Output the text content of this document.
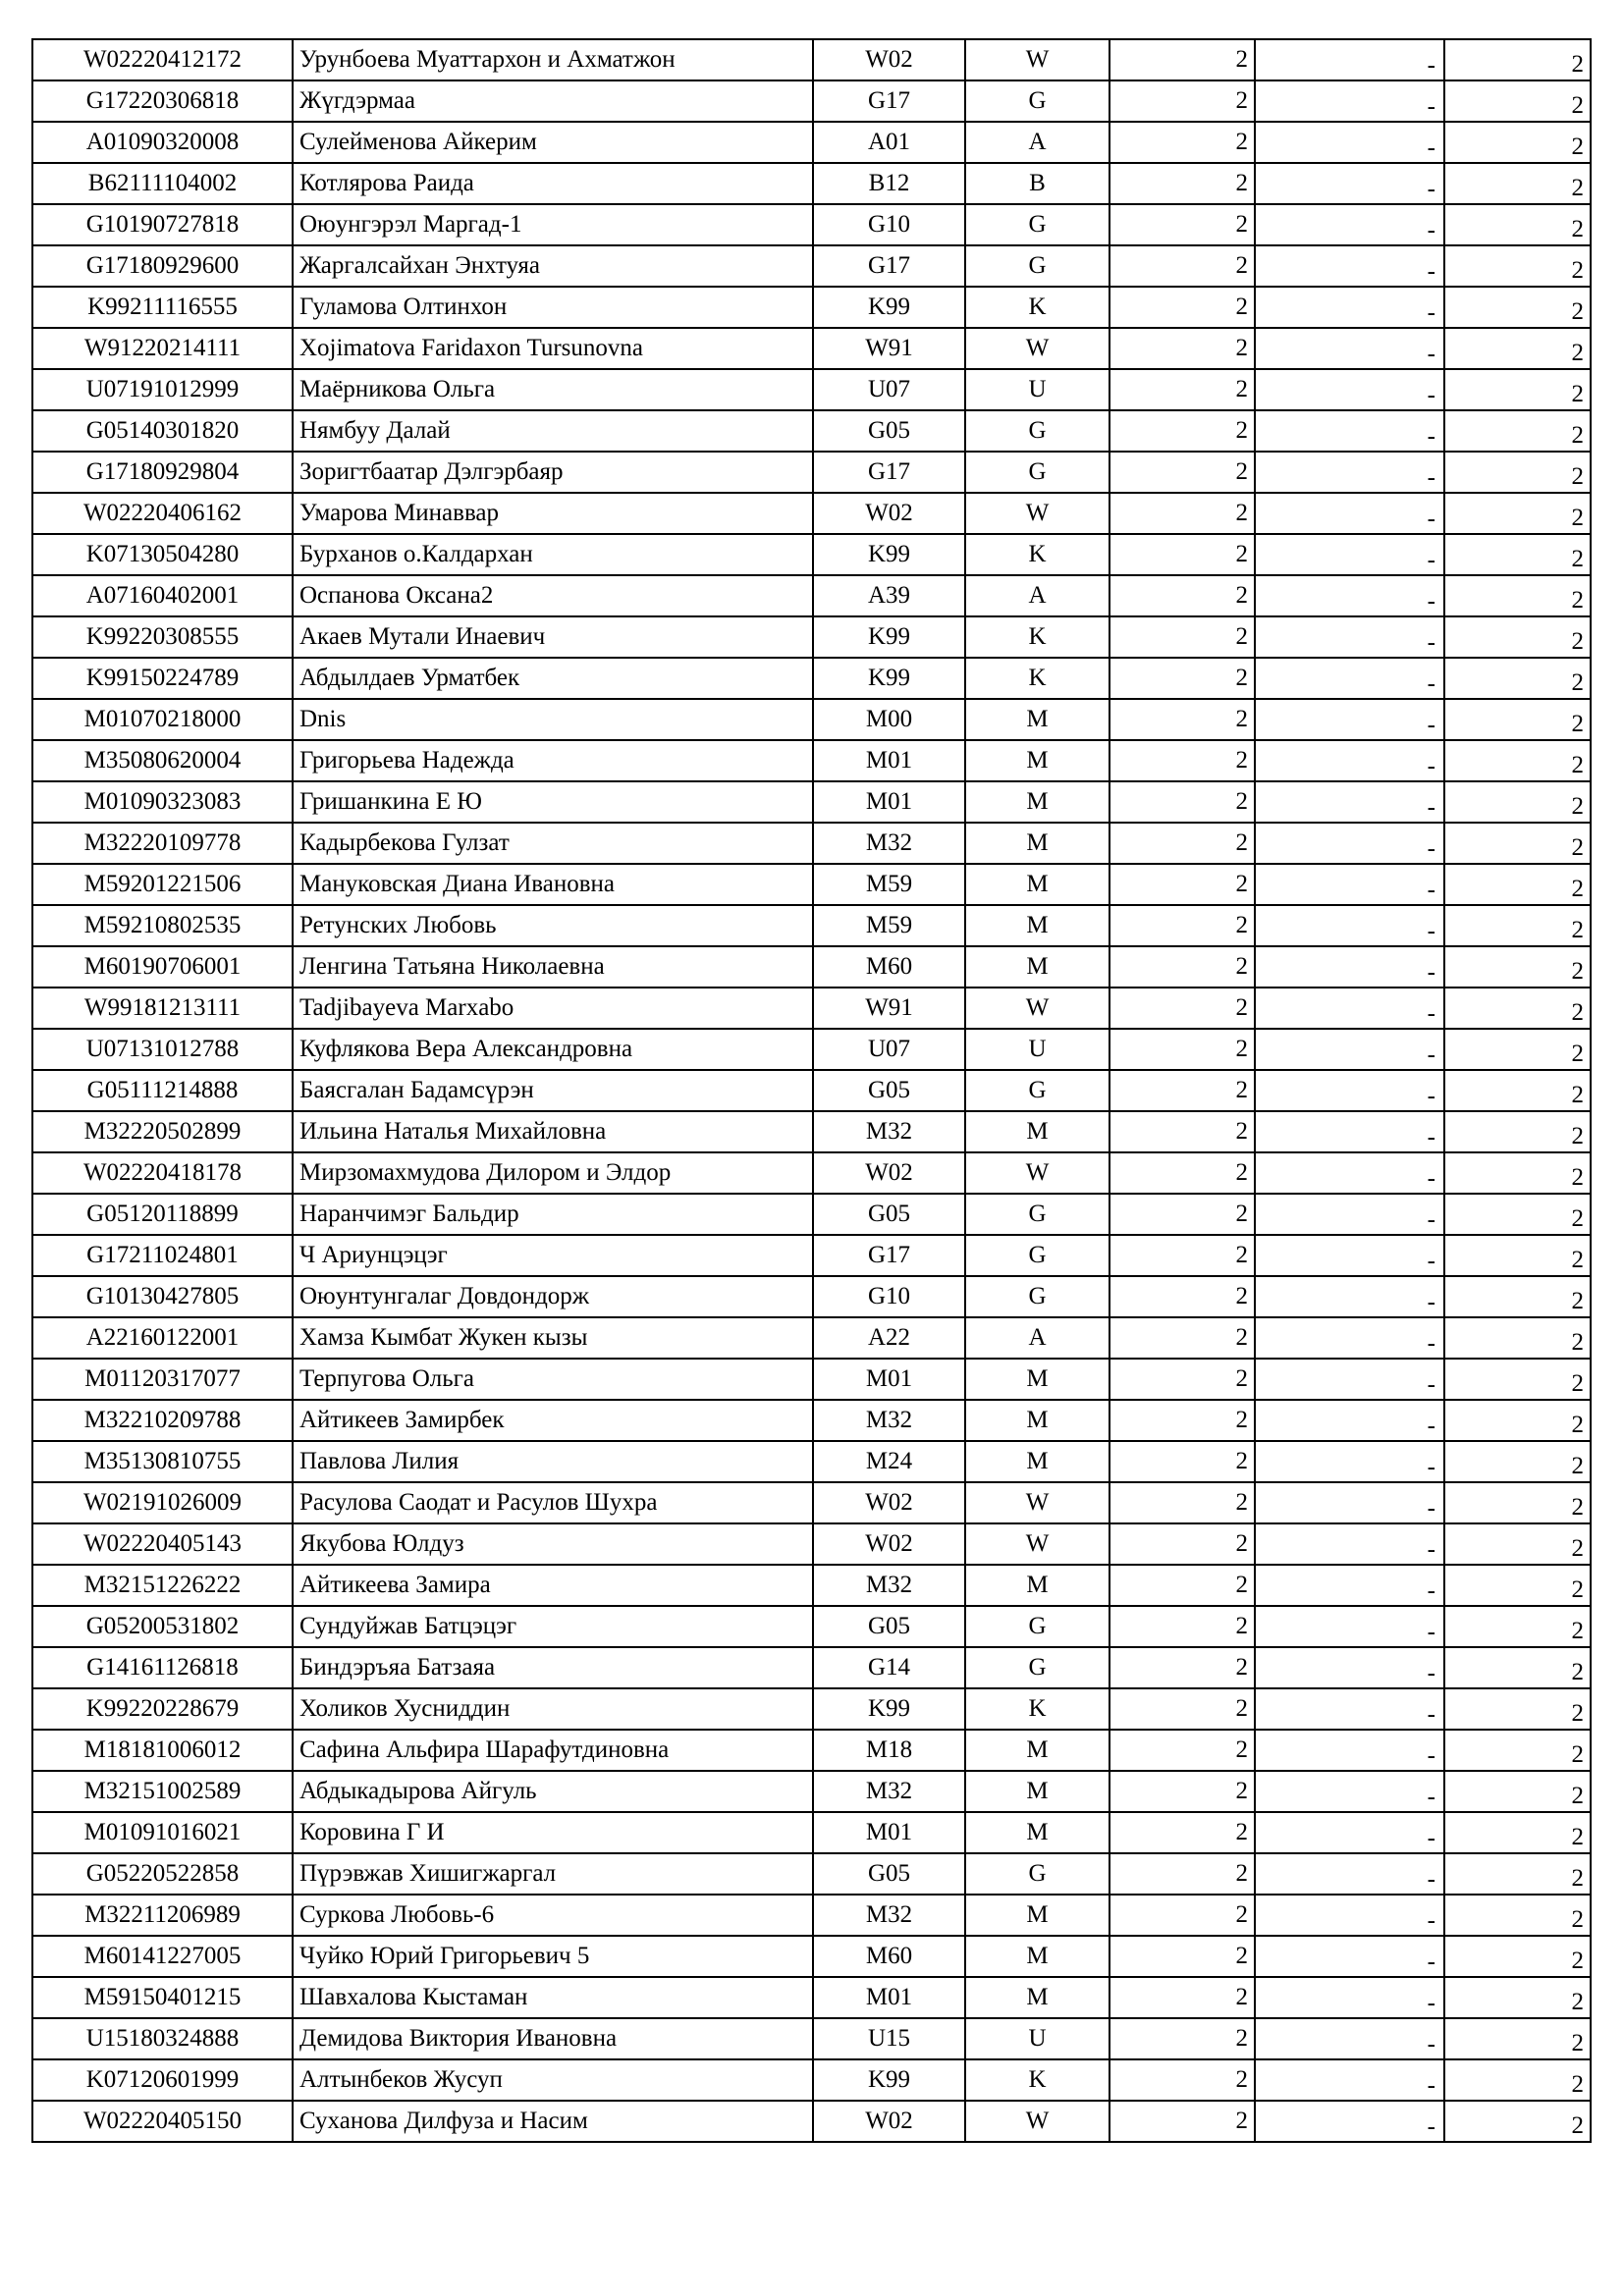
W02220412172	Урунбоева Муаттархон и Ахматжон	W02	W	2	-	2
G17220306818	Жүгдэрмаа	G17	G	2	-	2
A01090320008	Сулейменова Айкерим	A01	A	2	-	2
B62111104002	Котлярова Раида	B12	B	2	-	2
G10190727818	Оюунгэрэл Маргад-1	G10	G	2	-	2
G17180929600	Жаргалсайхан Энхтуяа	G17	G	2	-	2
K99211116555	Гуламова Олтинхон	K99	K	2	-	2
W91220214111	Xojimatova Faridaxon Tursunovna	W91	W	2	-	2
U07191012999	Маёрникова Ольга	U07	U	2	-	2
G05140301820	Нямбуу Далай	G05	G	2	-	2
G17180929804	Зоригтбаатар Дэлгэрбаяр	G17	G	2	-	2
W02220406162	Умарова Минаввар	W02	W	2	-	2
K07130504280	Бурханов о.Калдархан	K99	K	2	-	2
A07160402001	Оспанова Оксана2	A39	A	2	-	2
K99220308555	Акаев Мутали Инаевич	K99	K	2	-	2
K99150224789	Абдылдаев Урматбек	K99	K	2	-	2
M01070218000	Dnis	M00	M	2	-	2
M35080620004	Григорьева Надежда	M01	M	2	-	2
M01090323083	Гришанкина Е Ю	M01	M	2	-	2
M32220109778	Кадырбекова Гулзат	M32	M	2	-	2
M59201221506	Мануковская Диана Ивановна	M59	M	2	-	2
M59210802535	Ретунских Любовь	M59	M	2	-	2
M60190706001	Ленгина Татьяна Николаевна	M60	M	2	-	2
W99181213111	Tadjibayeva Marxabo	W91	W	2	-	2
U07131012788	Куфлякова Вера Александровна	U07	U	2	-	2
G05111214888	Баясгалан Бадамсүрэн	G05	G	2	-	2
M32220502899	Ильина Наталья Михайловна	M32	M	2	-	2
W02220418178	Мирзомахмудова Дилором и Элдор	W02	W	2	-	2
G05120118899	Наранчимэг Бальдир	G05	G	2	-	2
G17211024801	Ч Ариунцэцэг	G17	G	2	-	2
G10130427805	Оюунтунгалаг Довдондорж	G10	G	2	-	2
A22160122001	Хамза Кымбат Жукен кызы	A22	A	2	-	2
M01120317077	Терпугова Ольга	M01	M	2	-	2
M32210209788	Айтикеев Замирбек	M32	M	2	-	2
M35130810755	Павлова Лилия	M24	M	2	-	2
W02191026009	Расулова Саодат и Расулов Шухра	W02	W	2	-	2
W02220405143	Якубова Юлдуз	W02	W	2	-	2
M32151226222	Айтикеева Замира	M32	M	2	-	2
G05200531802	Сундуйжав Батцэцэг	G05	G	2	-	2
G14161126818	Биндэръяа Батзаяа	G14	G	2	-	2
K99220228679	Холиков Хусниддин	K99	K	2	-	2
M18181006012	Сафина Альфира Шарафутдиновна	M18	M	2	-	2
M32151002589	Абдыкадырова Айгуль	M32	M	2	-	2
M01091016021	Коровина Г И	M01	M	2	-	2
G05220522858	Пүрэвжав Хишигжаргал	G05	G	2	-	2
M32211206989	Суркова Любовь-6	M32	M	2	-	2
M60141227005	Чуйко Юрий Григорьевич 5	M60	M	2	-	2
M59150401215	Шавхалова Кыстаман	M01	M	2	-	2
U15180324888	Демидова Виктория Ивановна	U15	U	2	-	2
K07120601999	Алтынбеков Жусуп	K99	K	2	-	2
W02220405150	Суханова Дилфуза и Насим	W02	W	2	-	2
